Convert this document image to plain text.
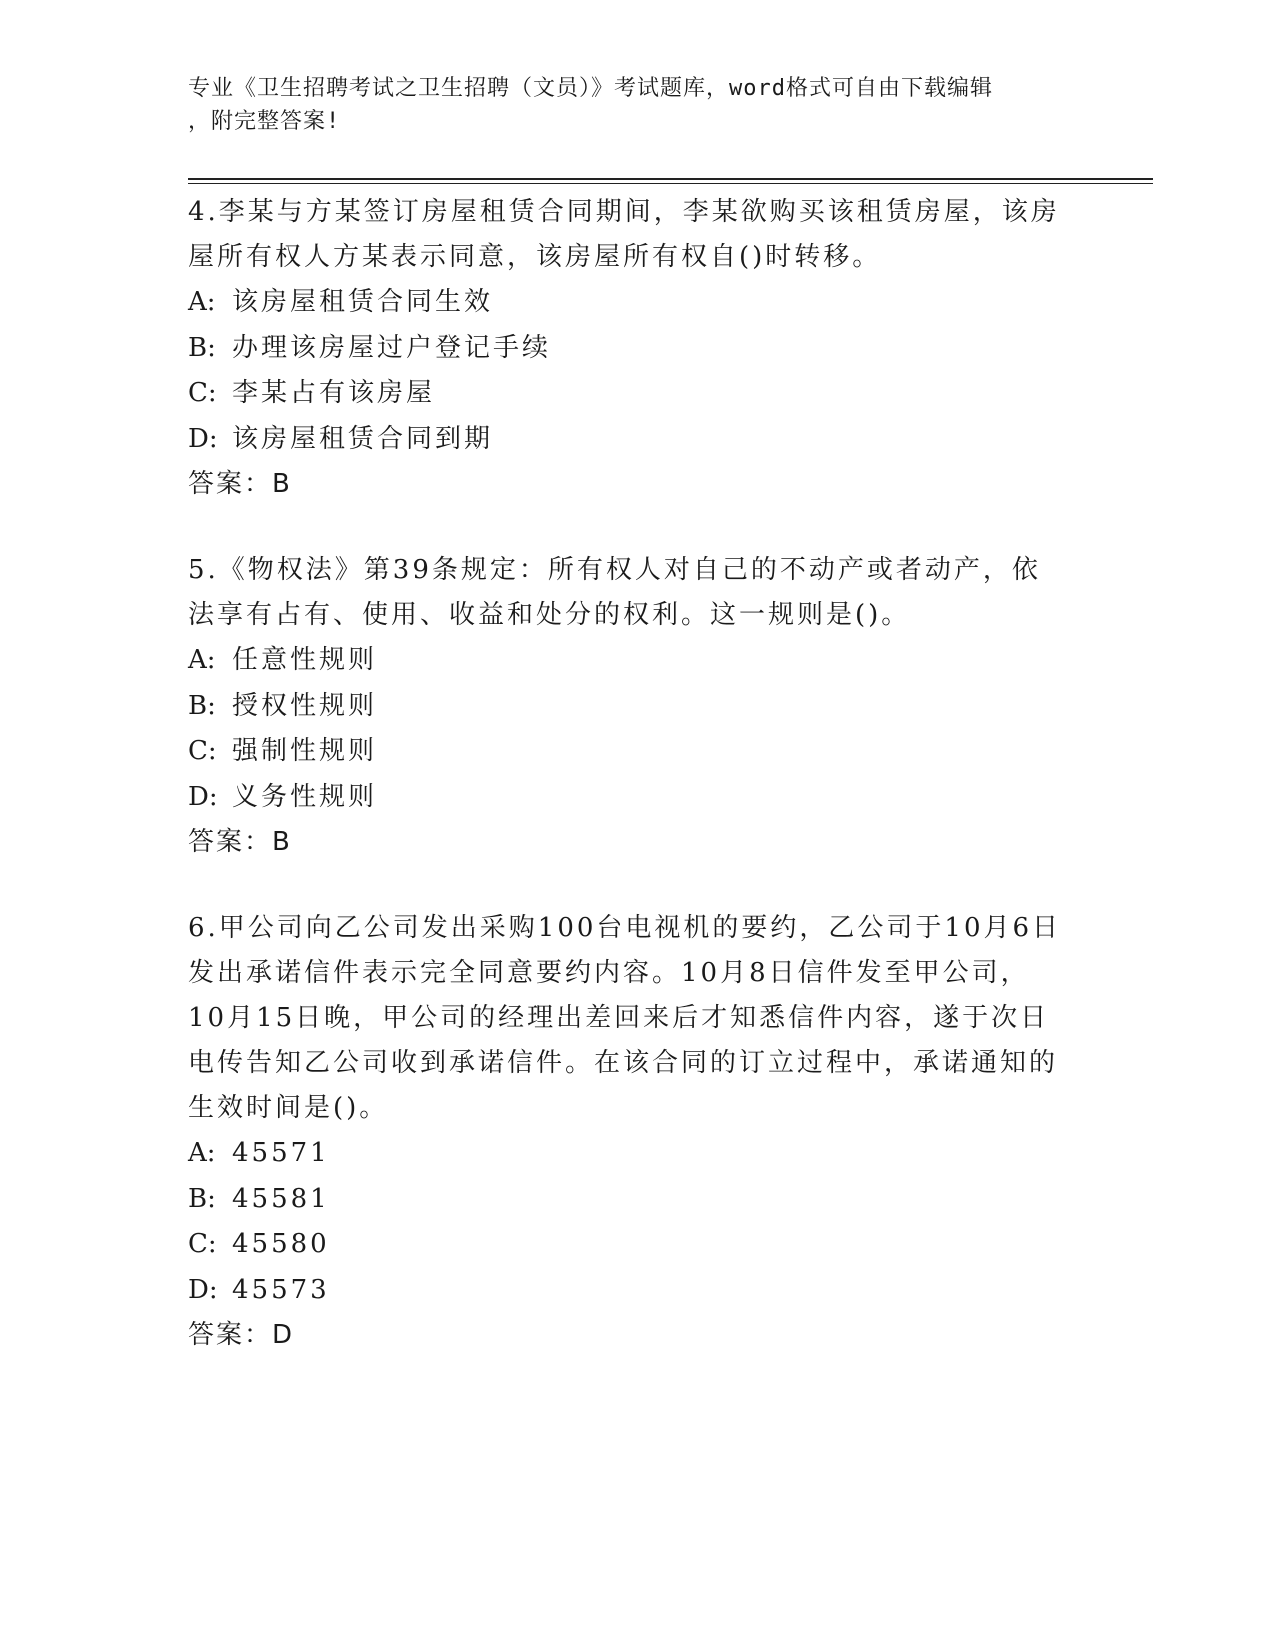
专业《卫生招聘考试之卫生招聘（文员）》考试题库，word格式可自由下载编辑
，附完整答案!

4.李某与方某签订房屋租赁合同期间，李某欲购买该租赁房屋，该房屋所有权人方某表示同意，该房屋所有权自()时转移。

A: 该房屋租赁合同生效

B: 办理该房屋过户登记手续

C: 李某占有该房屋

D: 该房屋租赁合同到期

答案：B

5.《物权法》第39条规定：所有权人对自己的不动产或者动产，依法享有占有、使用、收益和处分的权利。这一规则是()。

A: 任意性规则

B: 授权性规则

C: 强制性规则

D: 义务性规则

答案：B

6.甲公司向乙公司发出采购100台电视机的要约，乙公司于10月6日发出承诺信件表示完全同意要约内容。10月8日信件发至甲公司，10月15日晚，甲公司的经理出差回来后才知悉信件内容，遂于次日电传告知乙公司收到承诺信件。在该合同的订立过程中，承诺通知的生效时间是()。

A: 45571

B: 45581

C: 45580

D: 45573

答案：D
